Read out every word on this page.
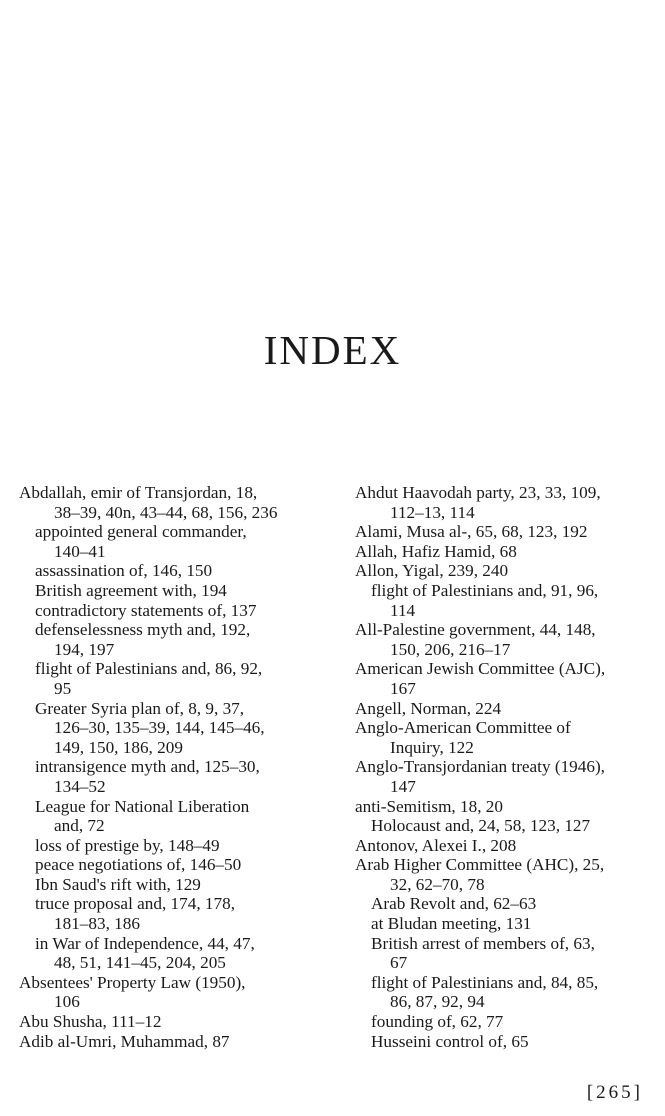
INDEX
Abdallah, emir of Transjordan, 18,
38–39, 40n, 43–44, 68, 156, 236
appointed general commander,
140–41
assassination of, 146, 150
British agreement with, 194
contradictory statements of, 137
defenselessness myth and, 192,
194, 197
flight of Palestinians and, 86, 92,
95
Greater Syria plan of, 8, 9, 37,
126–30, 135–39, 144, 145–46,
149, 150, 186, 209
intransigence myth and, 125–30,
134–52
League for National Liberation
and, 72
loss of prestige by, 148–49
peace negotiations of, 146–50
Ibn Saud's rift with, 129
truce proposal and, 174, 178,
181–83, 186
in War of Independence, 44, 47,
48, 51, 141–45, 204, 205
Absentees' Property Law (1950),
106
Abu Shusha, 111–12
Adib al-Umri, Muhammad, 87
Ahdut Haavodah party, 23, 33, 109,
112–13, 114
Alami, Musa al-, 65, 68, 123, 192
Allah, Hafiz Hamid, 68
Allon, Yigal, 239, 240
flight of Palestinians and, 91, 96,
114
All-Palestine government, 44, 148,
150, 206, 216–17
American Jewish Committee (AJC),
167
Angell, Norman, 224
Anglo-American Committee of
Inquiry, 122
Anglo-Transjordanian treaty (1946),
147
anti-Semitism, 18, 20
Holocaust and, 24, 58, 123, 127
Antonov, Alexei I., 208
Arab Higher Committee (AHC), 25,
32, 62–70, 78
Arab Revolt and, 62–63
at Bludan meeting, 131
British arrest of members of, 63,
67
flight of Palestinians and, 84, 85,
86, 87, 92, 94
founding of, 62, 77
Husseini control of, 65
[265]
